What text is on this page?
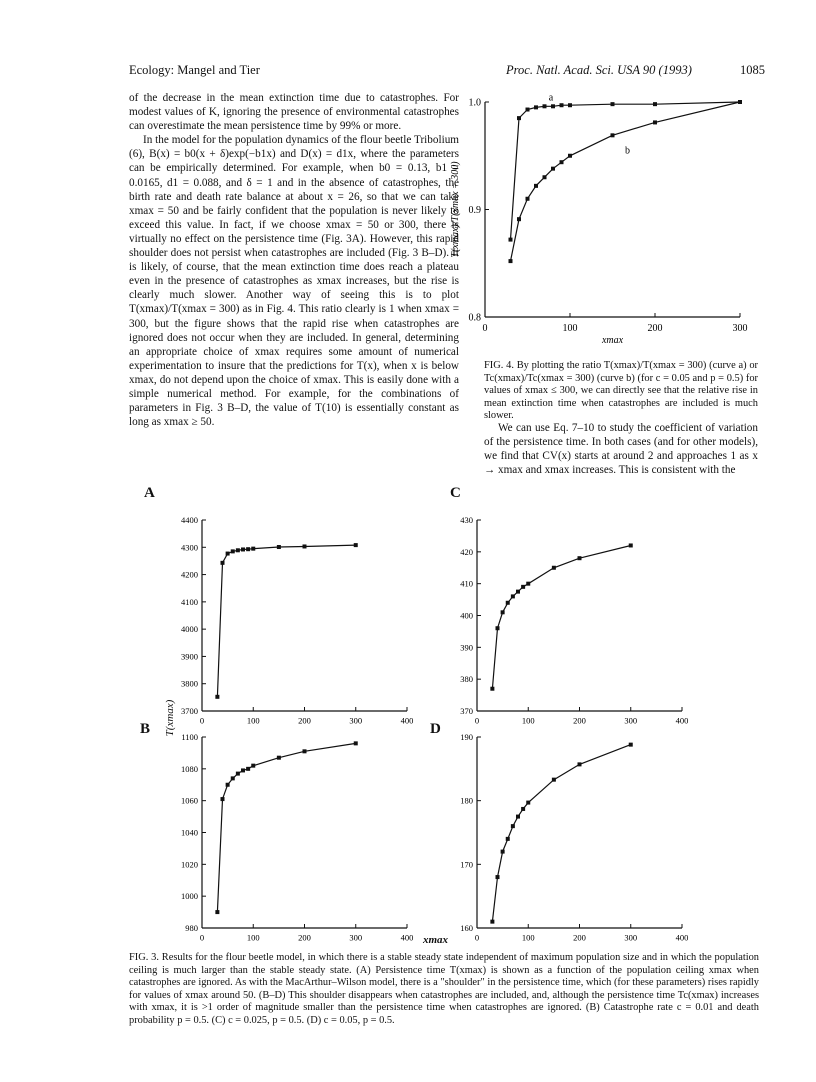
Ecology: Mangel and Tier	Proc. Natl. Acad. Sci. USA 90 (1993)	1085

of the decrease in the mean extinction time due to catastrophes. For modest values of K, ignoring the presence of environmental catastrophes can overestimate the mean persistence time by 99% or more.

In the model for the population dynamics of the flour beetle Tribolium (6), B(x) = b0(x + δ)exp(−b1x) and D(x) = d1x, where the parameters can be empirically determined. For example, when b0 = 0.13, b1 = 0.0165, d1 = 0.088, and δ = 1 and in the absence of catastrophes, the birth rate and death rate balance at about x = 26, so that we can take xmax = 50 and be fairly confident that the population is never likely to exceed this value. In fact, if we choose xmax = 50 or 300, there is virtually no effect on the persistence time (Fig. 3A). However, this rapid shoulder does not persist when catastrophes are included (Fig. 3 B–D). It is likely, of course, that the mean extinction time does reach a plateau even in the presence of catastrophes as xmax increases, but the rise is clearly much slower. Another way of seeing this is to plot T(xmax)/T(xmax = 300) as in Fig. 4. This ratio clearly is 1 when xmax = 300, but the figure shows that the rapid rise when catastrophes are ignored does not occur when they are included. In general, determining an appropriate choice of xmax requires some amount of numerical experimentation to insure that the predictions for T(x), when x is below xmax, do not depend upon the choice of xmax. This is easily done with a simple numerical method. For example, for the combinations of parameters in Fig. 3 B–D, the value of T(10) is essentially constant as long as xmax ≥ 50.

0	100	200	300
0.8
0.9
1.0	a
b
xmax
T(xmax)/T(xmax = 300)
FIG. 4. By plotting the ratio T(xmax)/T(xmax = 300) (curve a) or Tc(xmax)/Tc(xmax = 300) (curve b) (for c = 0.05 and p = 0.5) for values of xmax ≤ 300, we can directly see that the relative rise in mean extinction time when catastrophes are included is much slower.
We can use Eq. 7–10 to study the coefficient of variation of the persistence time. In both cases (and for other models), we find that CV(x) starts at around 2 and approaches 1 as x → xmax and xmax increases. This is consistent with the
A	C
B	D
0	100	200	300	400
3700
3800
3900
4000
4100
4200
4300
4400
0	100	200	300	400
370
380
390
400
410
420
430
0	100	200	300	400
980
1000
1020
1040
1060
1080
1100
0	100	200	300	400
160
170
180
190
T(xmax)
xmax
FIG. 3. Results for the flour beetle model, in which there is a stable steady state independent of maximum population size and in which the population ceiling is much larger than the stable steady state. (A) Persistence time T(xmax) is shown as a function of the population ceiling xmax when catastrophes are ignored. As with the MacArthur–Wilson model, there is a "shoulder" in the persistence time, which (for these parameters) rises rapidly for values of xmax around 50. (B–D) This shoulder disappears when catastrophes are included, and, although the persistence time Tc(xmax) increases with xmax, it is >1 order of magnitude smaller than the persistence time when catastrophes are ignored. (B) Catastrophe rate c = 0.01 and death probability p = 0.5. (C) c = 0.025, p = 0.5. (D) c = 0.05, p = 0.5.
